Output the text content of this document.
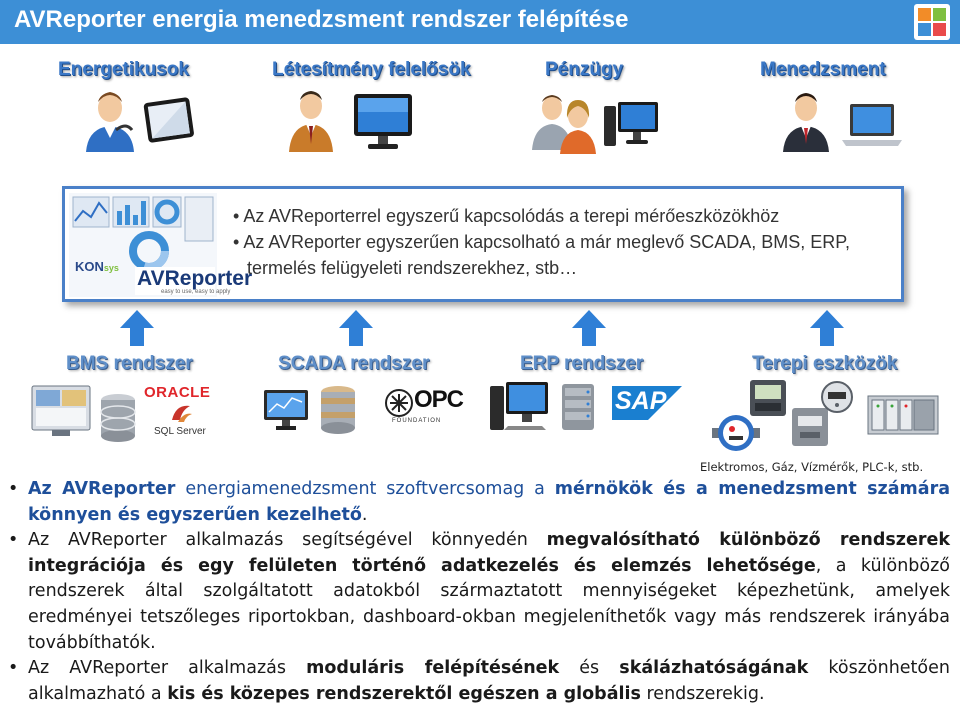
AVReporter energia menedzsment rendszer felépítése
Energetikusok	Létesítmény felelősök	Pénzügy	Menedzsment
KONsys AVReporter
easy to use, easy to apply
• Az AVReporterrel egyszerű kapcsolódás a terepi mérőeszközökhöz
• Az AVReporter egyszerűen kapcsolható a már meglevő SCADA, BMS, ERP, termelés felügyeleti rendszerekhez, stb…
BMS rendszer	SCADA rendszer	ERP rendszer	Terepi eszközök
ORACLE
SQL Server
OPC
FOUNDATION
SAP
Elektromos, Gáz, Vízmérők, PLC-k, stb.
• Az AVReporter energiamenedzsment szoftvercsomag a mérnökök és a menedzsment számára könnyen és egyszerűen kezelhető.
• Az AVReporter alkalmazás segítségével könnyedén megvalósítható különböző rendszerek integrációja és egy felületen történő adatkezelés és elemzés lehetősége, a különböző rendszerek által szolgáltatott adatokból származtatott mennyiségeket képezhetünk, amelyek eredményei tetszőleges riportokban, dashboard-okban megjeleníthetők vagy más rendszerek irányába továbbíthatók.
• Az AVReporter alkalmazás moduláris felépítésének és skálázhatóságának köszönhetően alkalmazható a kis és közepes rendszerektől egészen a globális rendszerekig.
